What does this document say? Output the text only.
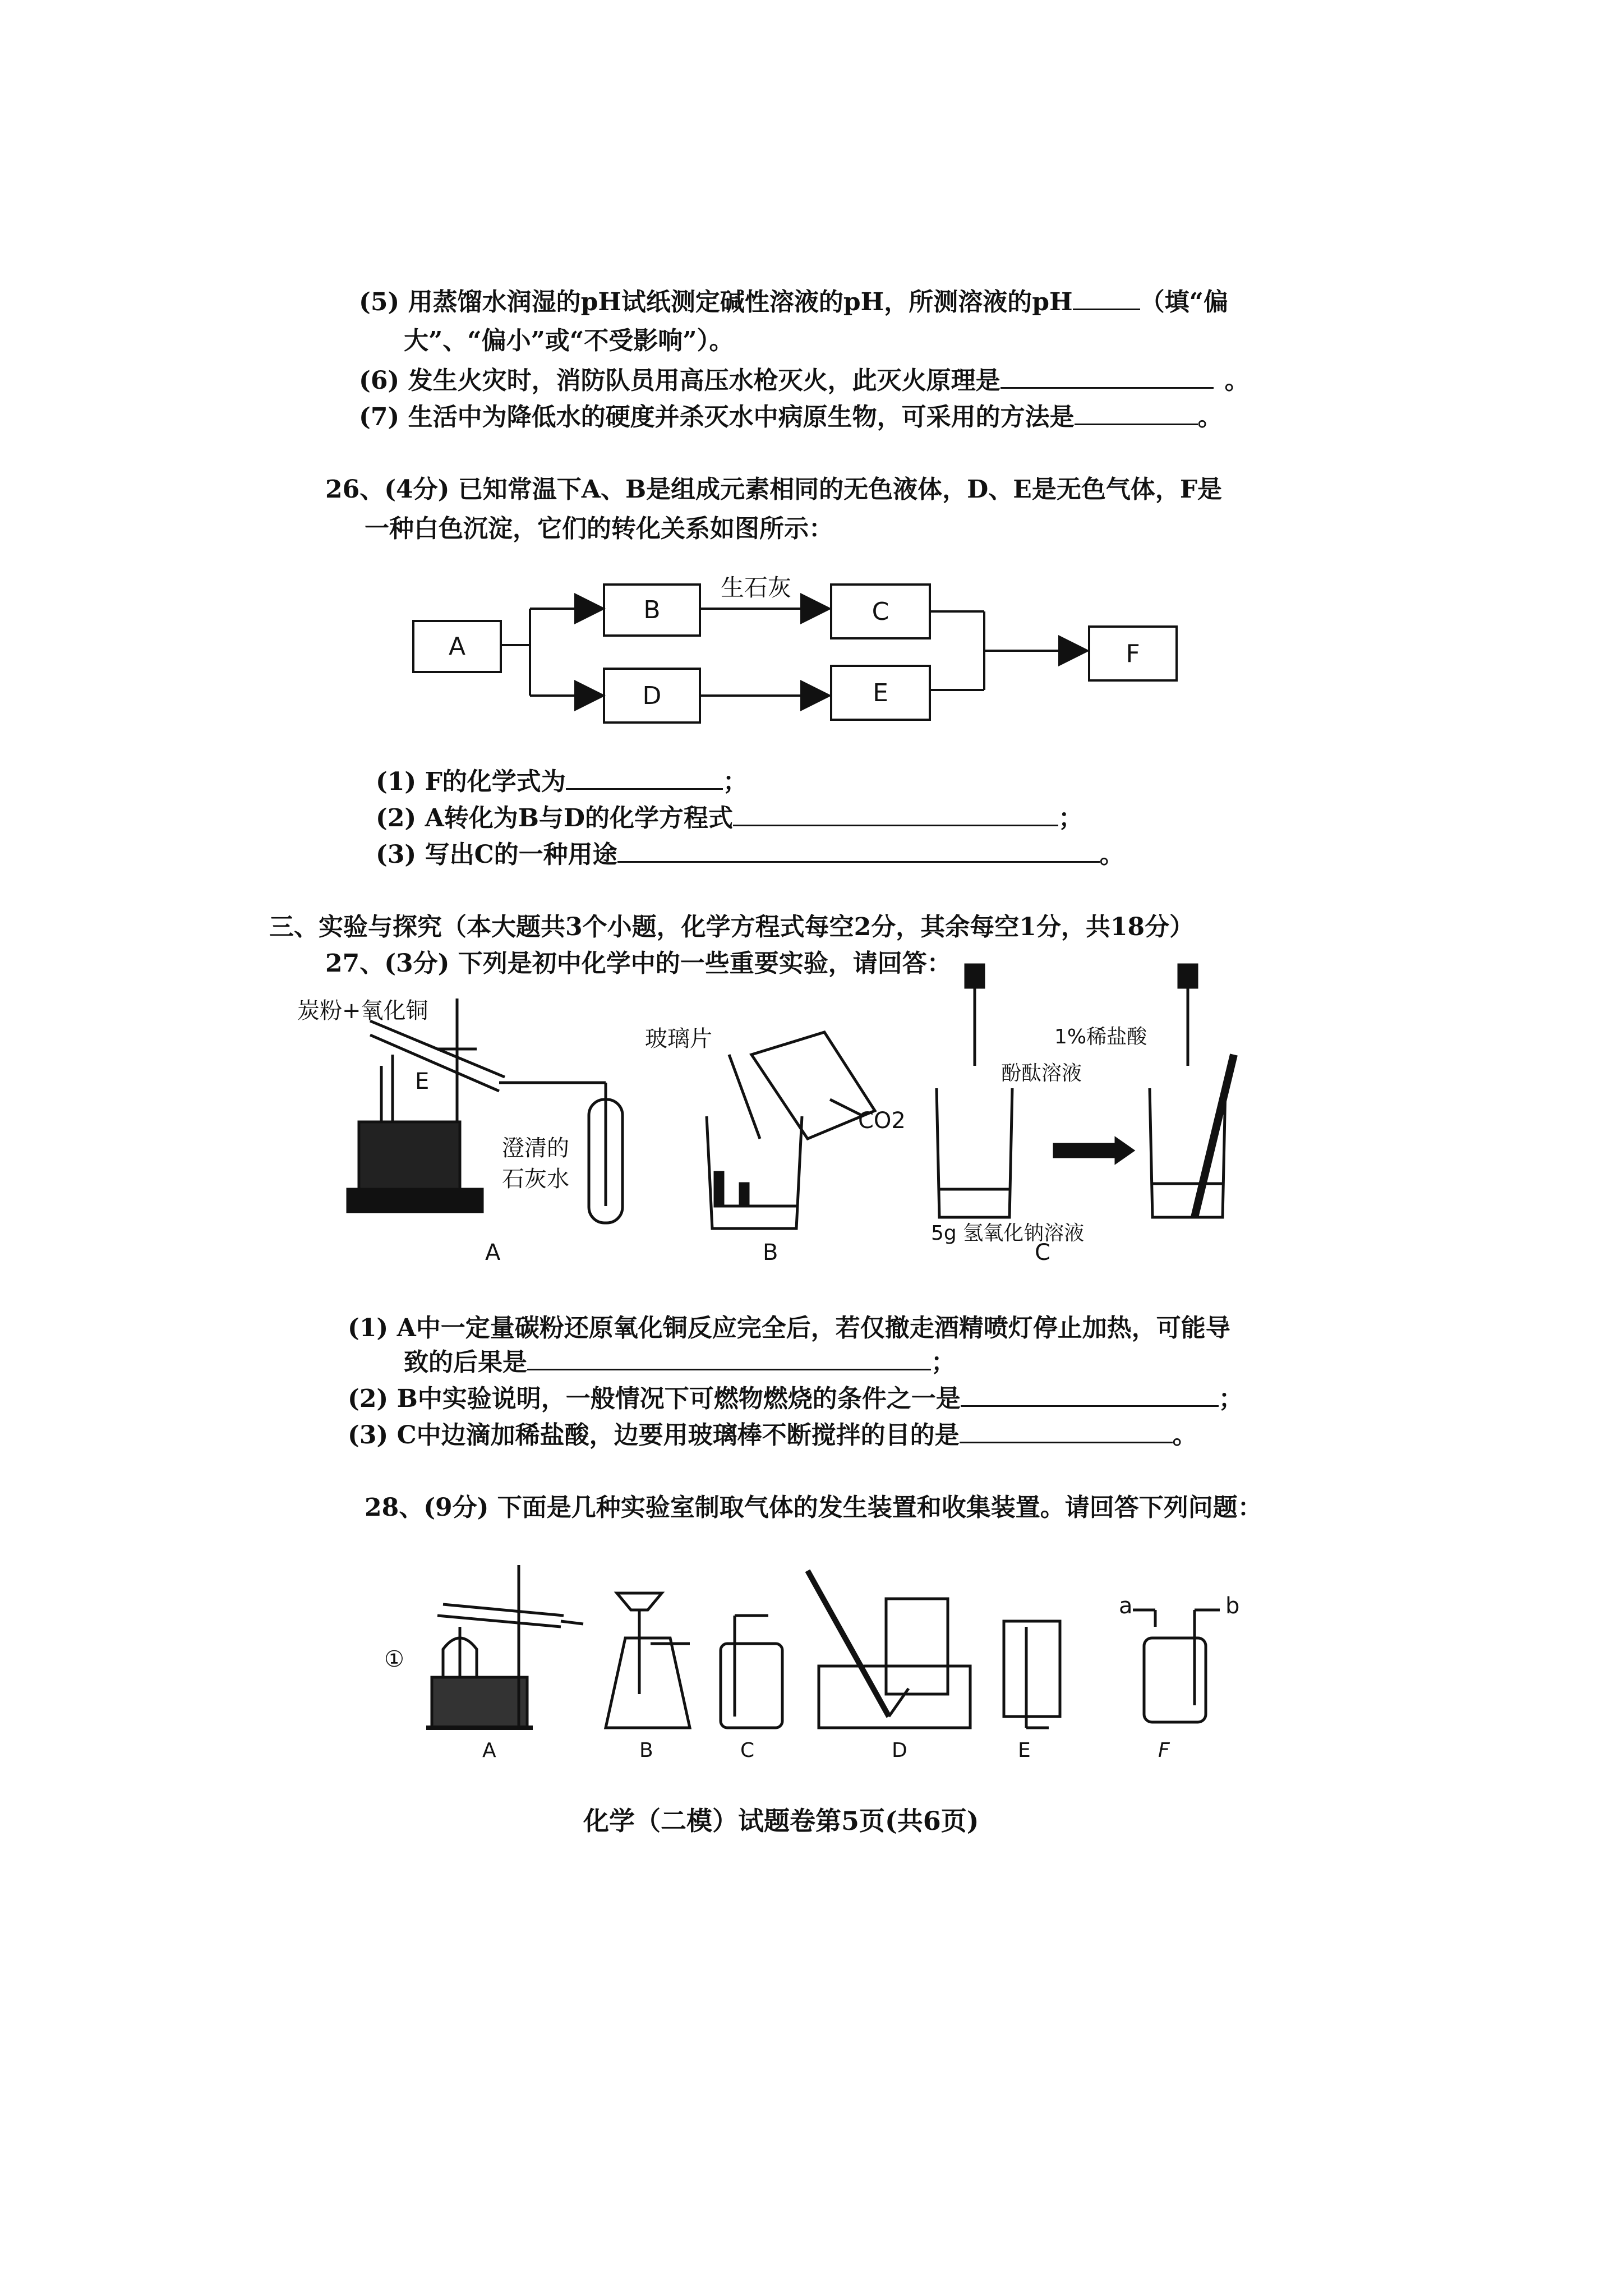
(5) 用蒸馏水润湿的pH试纸测定碱性溶液的pH，所测溶液的pH	（填“偏
大”、“偏小”或“不受影响”）。
(6) 发生火灾时，消防队员用高压水枪灭火，此灭火原理是	。
(7) 生活中为降低水的硬度并杀灭水中病原生物，可采用的方法是	。
26、(4分) 已知常温下A、B是组成元素相同的无色液体，D、E是无色气体，F是
一种白色沉淀，它们的转化关系如图所示：
A
B	C
D	E
F
生石灰
(1) F的化学式为	；
(2) A转化为B与D的化学方程式	；
(3) 写出C的一种用途	。
三、实验与探究（本大题共3个小题，化学方程式每空2分，其余每空1分，共18分）
27、(3分) 下列是初中化学中的一些重要实验，请回答：
炭粉+氧化铜
E
澄清的
石灰水
A
玻璃片
CO2
B
1%稀盐酸
酚酞溶液
5g 氢氧化钠溶液
C
(1) A中一定量碳粉还原氧化铜反应完全后，若仅撤走酒精喷灯停止加热，可能导
致的后果是	；
(2) B中实验说明，一般情况下可燃物燃烧的条件之一是	；
(3) C中边滴加稀盐酸，边要用玻璃棒不断搅拌的目的是	。
28、(9分) 下面是几种实验室制取气体的发生装置和收集装置。请回答下列问题：
①
a	b
A	B	C	D	E	F
化学（二模）试题卷第5页(共6页)
